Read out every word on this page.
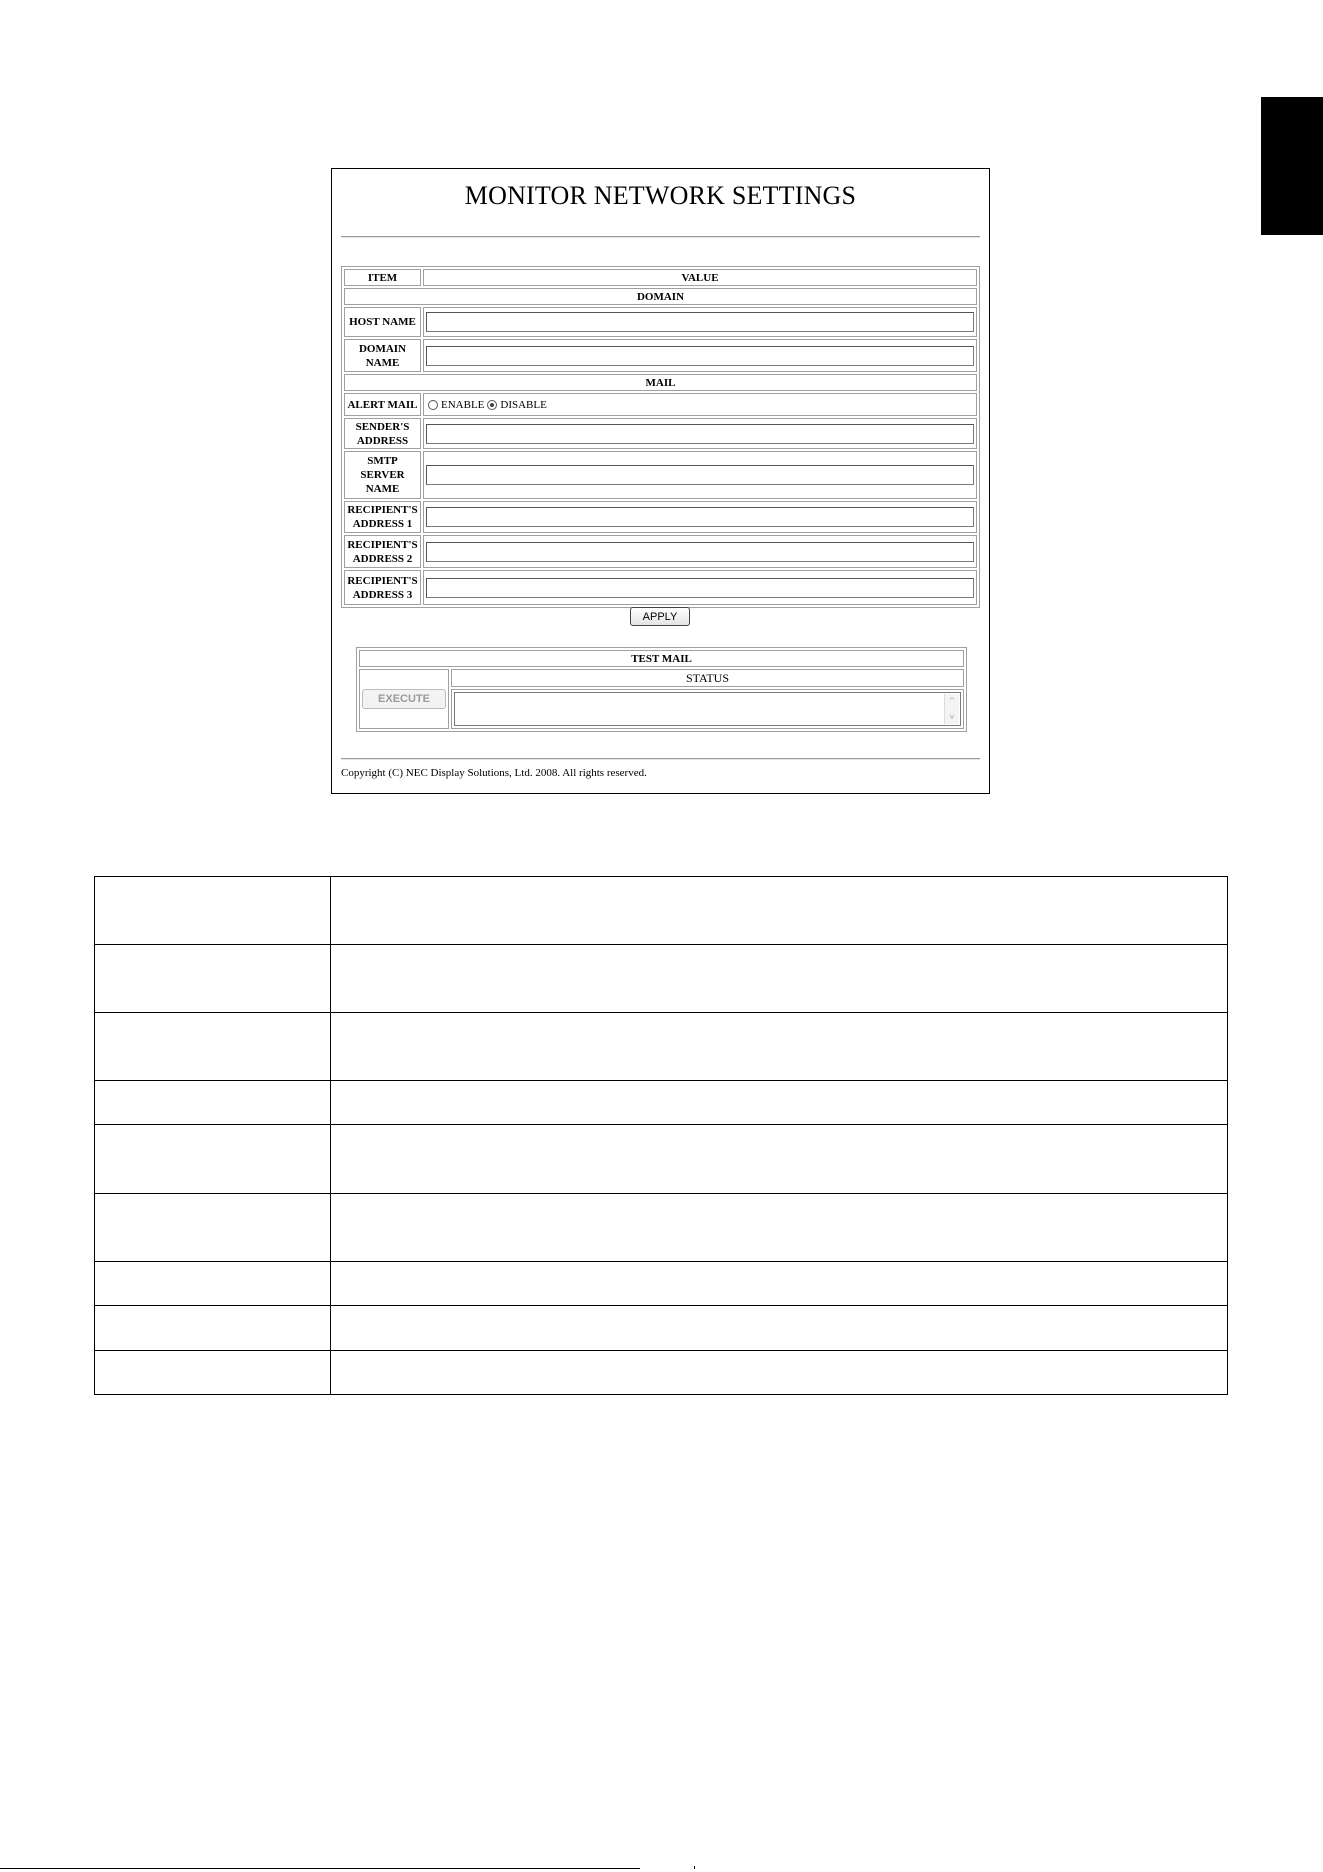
MONITOR NETWORK SETTINGS
ITEM	VALUE
DOMAIN
HOST NAME
DOMAIN NAME
MAIL
ALERT MAIL	ENABLE DISABLE
SENDER'S ADDRESS
SMTP SERVER NAME
RECIPIENT'S ADDRESS 1
RECIPIENT'S ADDRESS 2
RECIPIENT'S ADDRESS 3
APPLY
TEST MAIL
EXECUTE
STATUS
^
v
Copyright (C) NEC Display Solutions, Ltd. 2008. All rights reserved.
